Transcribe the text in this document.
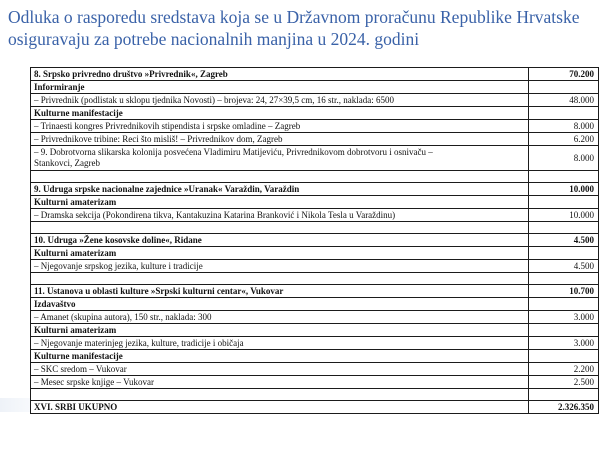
Odluka o rasporedu sredstava koja se u Državnom proračunu Republike Hrvatske
osiguravaju za potrebe nacionalnih manjina u 2024. godini
8. Srpsko privredno društvo »Privrednik«, Zagreb	70.200
Informiranje	
– Privrednik (podlistak u sklopu tjednika Novosti) – brojeva: 24, 27×39,5 cm, 16 str., naklada: 6500	48.000
Kulturne manifestacije	
– Trinaesti kongres Privrednikovih stipendista i srpske omladine – Zagreb	8.000
– Privrednikove tribine: Reci što misliš! – Privrednikov dom, Zagreb	6.200

– 9. Dobrotvorna slikarska kolonija posvećena Vladimiru Matijeviću, Privrednikovom dobrotvoru i osnivaču –
Stankovci, Zagreb	8.000

9. Udruga srpske nacionalne zajednice »Uranak« Varaždin, Varaždin	10.000
Kulturni amaterizam	
– Dramska sekcija (Pokondirena tikva, Kantakuzina Katarina Branković i Nikola Tesla u Varaždinu)	10.000

10. Udruga »Žene kosovske doline«, Ridane	4.500
Kulturni amaterizam	
– Njegovanje srpskog jezika, kulture i tradicije	4.500

11. Ustanova u oblasti kulture »Srpski kulturni centar«, Vukovar	10.700
Izdavaštvo	
– Amanet (skupina autora), 150 str., naklada: 300	3.000
Kulturni amaterizam	
– Njegovanje materinjeg jezika, kulture, tradicije i običaja	3.000
Kulturne manifestacije	
– SKC sredom – Vukovar	2.200
– Mesec srpske knjige – Vukovar	2.500

XVI. SRBI UKUPNO	2.326.350
